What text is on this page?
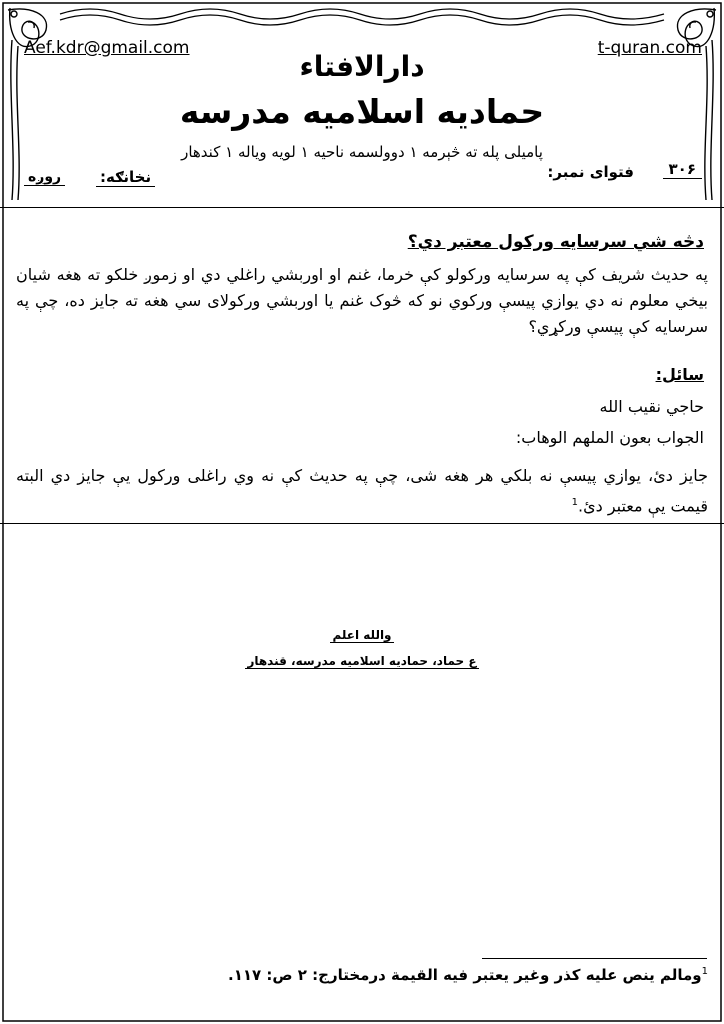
Aef.kdr@gmail.com	t-quran.com
دارالافتاء
حمادیه اسلامیه مدرسه
پامیلی پله ته څېرمه ۱ دوولسمه ناحیه ۱ لویه ویاله ۱ کندهار
فتوای نمبر:	۳۰۶
نخانګه:
روږه
دڅه شي سرسایه ورکول معتبر دي؟
په حدیث شریف کې په سرسایه ورکولو کې خرما، غنم او اوربشي راغلي دي او زموږ خلکو ته هغه شیان بیخي معلوم نه دي یوازي پیسې ورکوي نو که څوک غنم یا اوربشي ورکولای سي هغه ته جایز ده، چې په سرسایه کې پیسې ورکړي؟
سائل:
حاجي نقیب الله
الجواب بعون الملهم الوهاب:
جایز دئ، یوازي پیسې نه بلکي هر هغه شی، چې په حدیث کې نه وي راغلی ورکول یې جایز دي البته قیمت یې معتبر دئ.$^1$
والله اعلم
ع حماد، حمادیه اسلامیه مدرسه، قندهار
$^1$ومالم ینص علیه کذر وغیر یعتبر فیه القیمة درمختارج: ۲ ص: ۱۱۷.
